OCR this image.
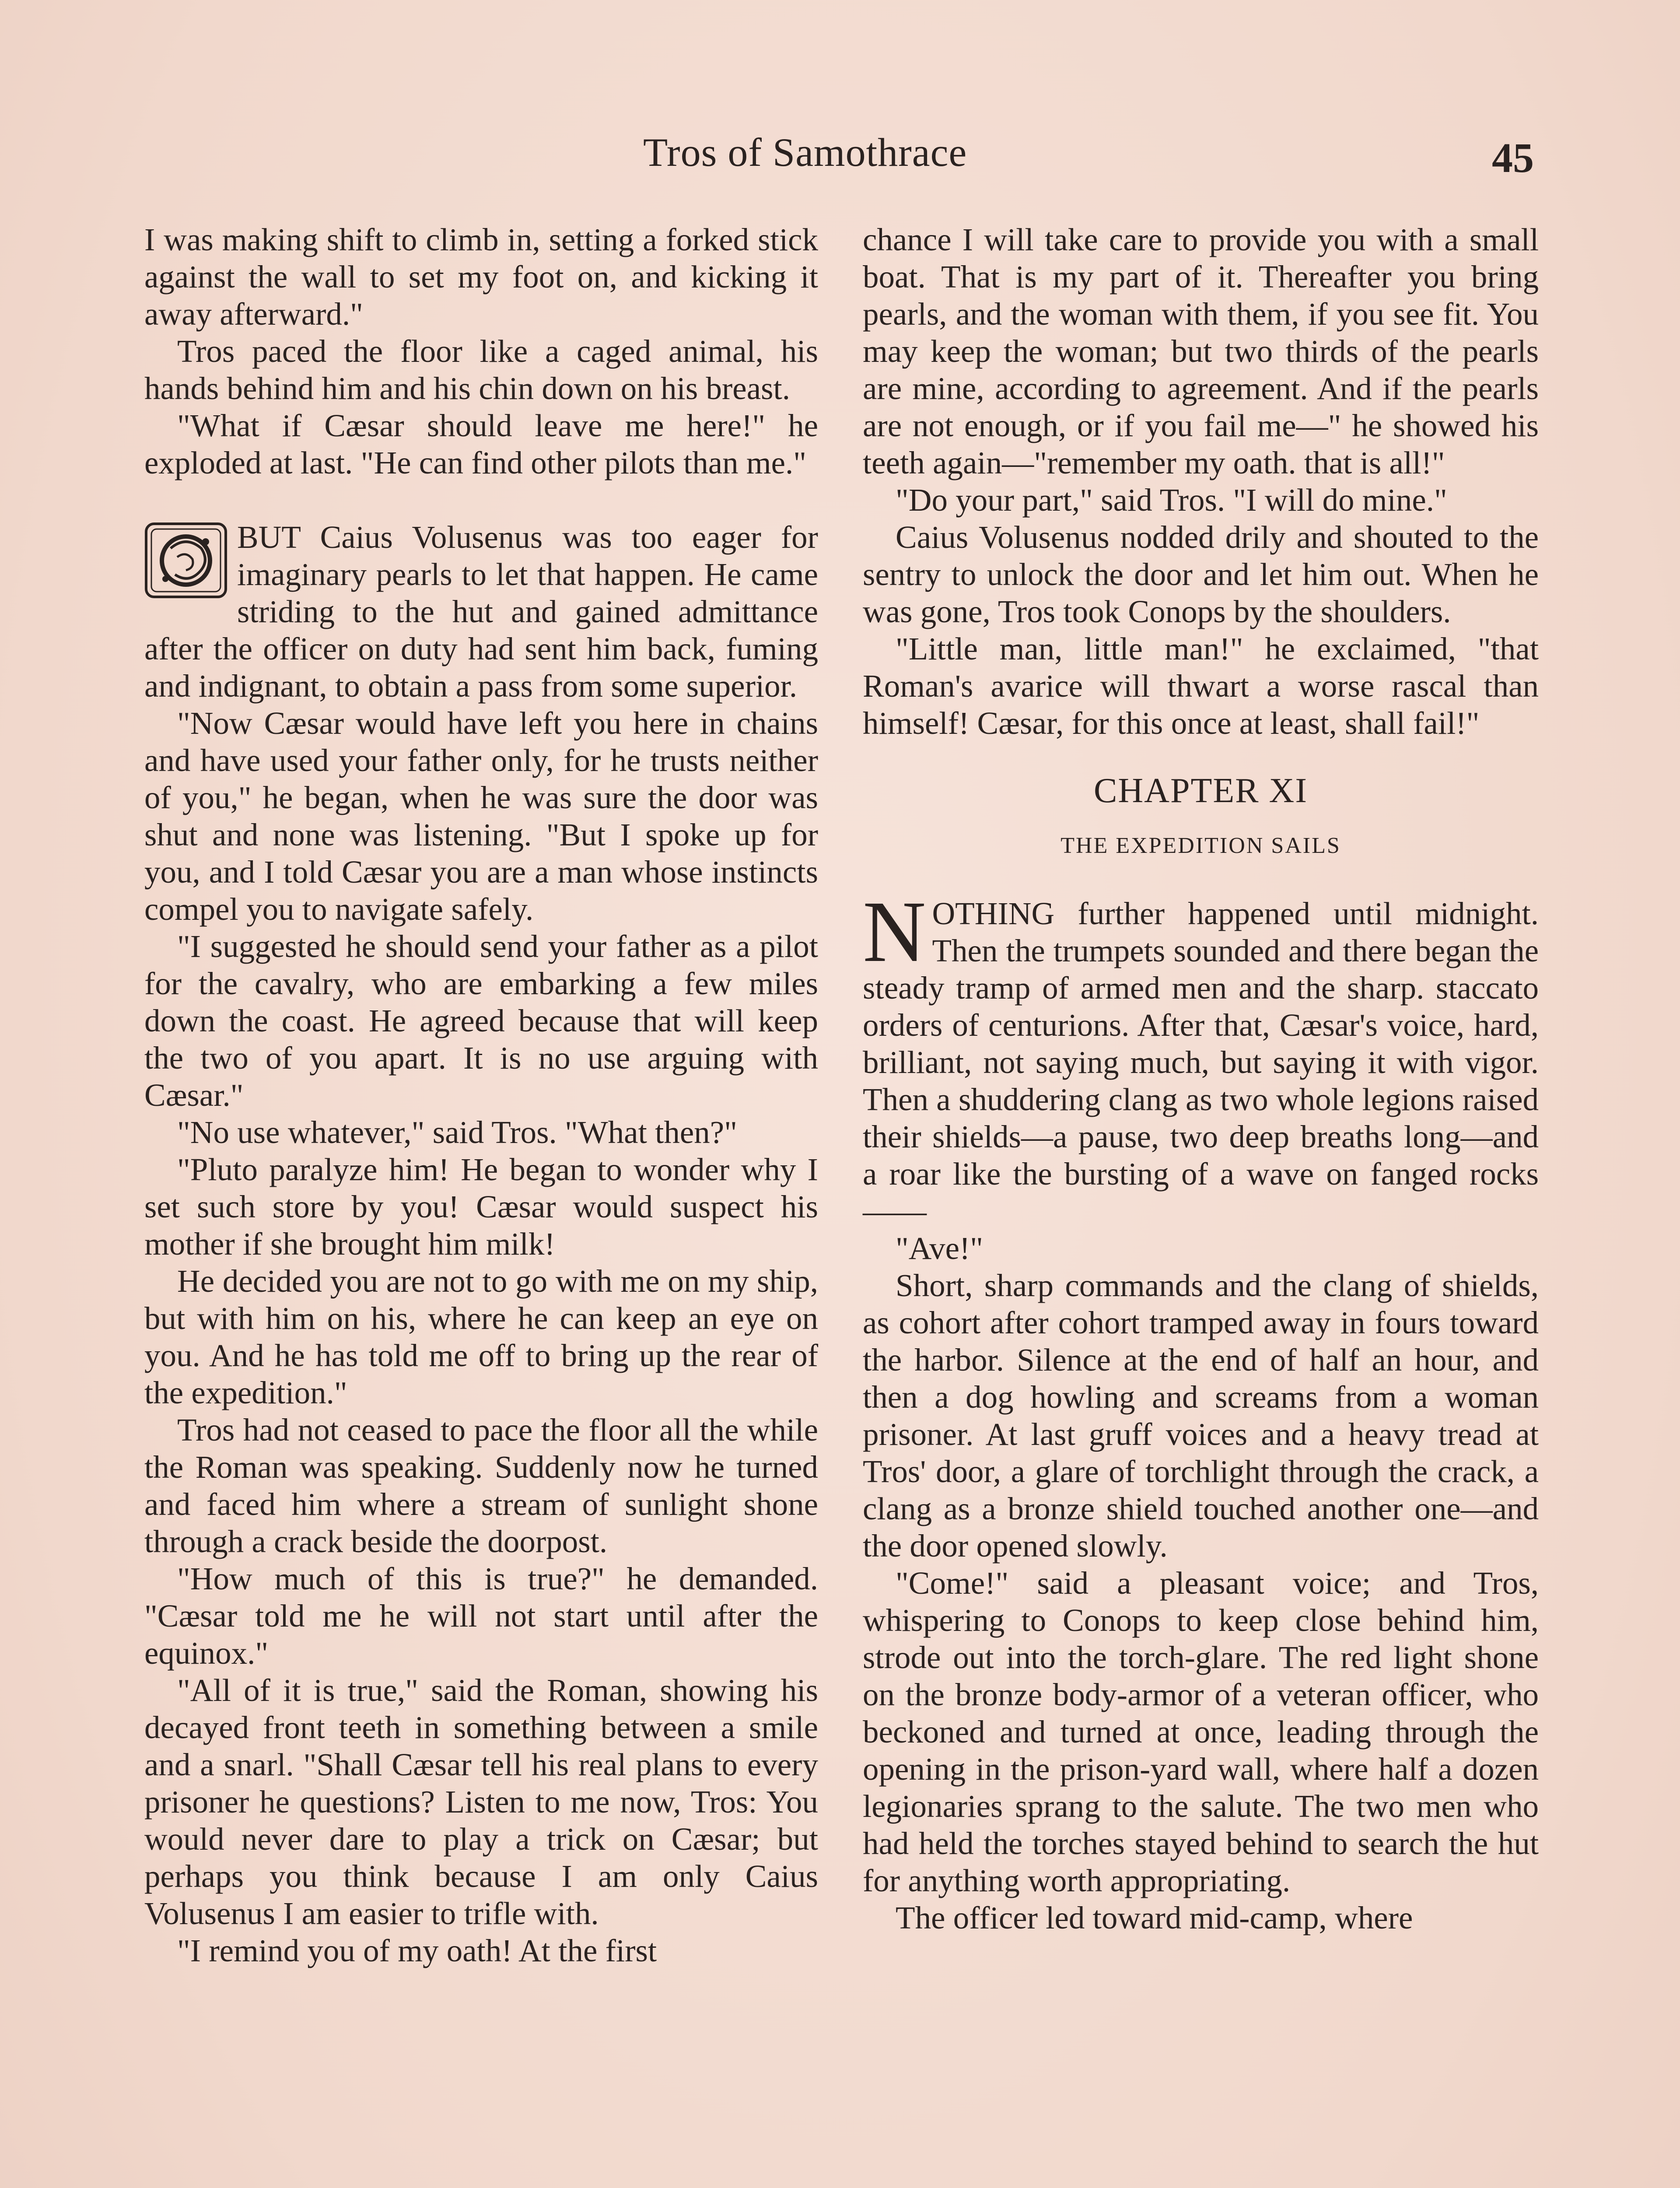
Tros of Samothrace	45

I was making shift to climb in, setting a forked stick against the wall to set my foot on, and kicking it away afterward."

Tros paced the floor like a caged animal, his hands behind him and his chin down on his breast.

"What if Cæsar should leave me here!" he exploded at last. "He can find other pilots than me."

BUT Caius Volusenus was too eager for imaginary pearls to let that happen. He came striding to the hut and gained admittance after the officer on duty had sent him back, fuming and indignant, to obtain a pass from some superior.

"Now Cæsar would have left you here in chains and have used your father only, for he trusts neither of you," he began, when he was sure the door was shut and none was listening. "But I spoke up for you, and I told Cæsar you are a man whose instincts compel you to navigate safely.

"I suggested he should send your father as a pilot for the cavalry, who are embarking a few miles down the coast. He agreed because that will keep the two of you apart. It is no use arguing with Cæsar."

"No use whatever," said Tros. "What then?"

"Pluto paralyze him! He began to wonder why I set such store by you! Cæsar would suspect his mother if she brought him milk!

He decided you are not to go with me on my ship, but with him on his, where he can keep an eye on you. And he has told me off to bring up the rear of the expedition."

Tros had not ceased to pace the floor all the while the Roman was speaking. Suddenly now he turned and faced him where a stream of sunlight shone through a crack beside the doorpost.

"How much of this is true?" he demanded. "Cæsar told me he will not start until after the equinox."

"All of it is true," said the Roman, showing his decayed front teeth in something between a smile and a snarl. "Shall Cæsar tell his real plans to every prisoner he questions? Listen to me now, Tros: You would never dare to play a trick on Cæsar; but perhaps you think because I am only Caius Volusenus I am easier to trifle with.

"I remind you of my oath! At the first

chance I will take care to provide you with a small boat. That is my part of it. Thereafter you bring pearls, and the woman with them, if you see fit. You may keep the woman; but two thirds of the pearls are mine, according to agreement. And if the pearls are not enough, or if you fail me—" he showed his teeth again—"remember my oath. that is all!"

"Do your part," said Tros. "I will do mine."

Caius Volusenus nodded drily and shouted to the sentry to unlock the door and let him out. When he was gone, Tros took Conops by the shoulders.

"Little man, little man!" he exclaimed, "that Roman's avarice will thwart a worse rascal than himself! Cæsar, for this once at least, shall fail!"

CHAPTER XI
THE EXPEDITION SAILS
N OTHING further happened until midnight. Then the trumpets sounded and there began the steady tramp of armed men and the sharp. staccato orders of centurions. After that, Cæsar's voice, hard, brilliant, not saying much, but saying it with vigor. Then a shuddering clang as two whole legions raised their shields—a pause, two deep breaths long—and a roar like the bursting of a wave on fanged rocks——

"Ave!"

Short, sharp commands and the clang of shields, as cohort after cohort tramped away in fours toward the harbor. Silence at the end of half an hour, and then a dog howling and screams from a woman prisoner. At last gruff voices and a heavy tread at Tros' door, a glare of torchlight through the crack, a clang as a bronze shield touched another one—and the door opened slowly.

"Come!" said a pleasant voice; and Tros, whispering to Conops to keep close behind him, strode out into the torch-glare. The red light shone on the bronze body-armor of a veteran officer, who beckoned and turned at once, leading through the opening in the prison-yard wall, where half a dozen legionaries sprang to the salute. The two men who had held the torches stayed behind to search the hut for anything worth appropriating.

The officer led toward mid-camp, where
